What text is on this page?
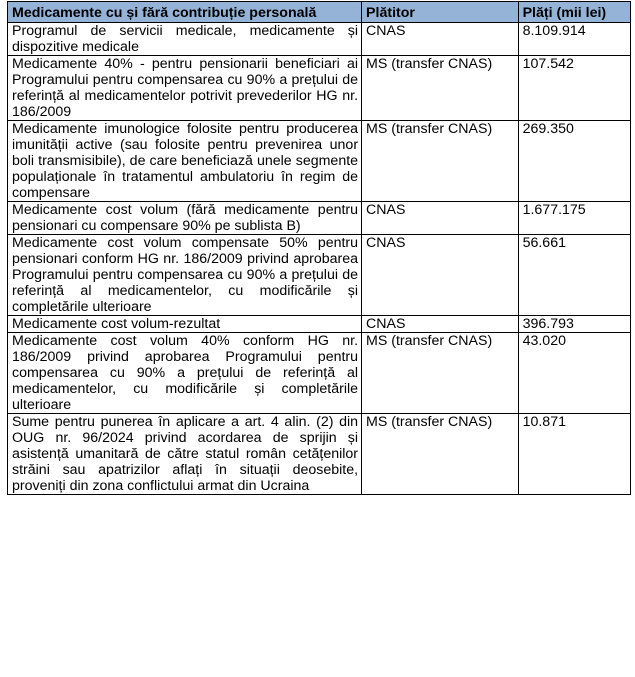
Medicamente cu și fără contribuție personală	Plătitor	Plăți (mii lei)
Programul de servicii medicale, medicamente și dispozitive medicale	CNAS	8.109.914
Medicamente 40% - pentru pensionarii beneficiari ai Programului pentru compensarea cu 90% a prețului de referință al medicamentelor potrivit prevederilor HG nr. 186/2009	MS (transfer CNAS)	107.542
Medicamente imunologice folosite pentru producerea imunității active (sau folosite pentru prevenirea unor boli transmisibile), de care beneficiază unele segmente populaționale în tratamentul ambulatoriu în regim de compensare	MS (transfer CNAS)	269.350
Medicamente cost volum (fără medicamente pentru pensionari cu compensare 90% pe sublista B)	CNAS	1.677.175
Medicamente cost volum compensate 50% pentru pensionari conform HG nr. 186/2009 privind aprobarea Programului pentru compensarea cu 90% a prețului de referință al medicamentelor, cu modificările și completările ulterioare	CNAS	56.661
Medicamente cost volum-rezultat	CNAS	396.793
Medicamente cost volum 40% conform HG nr. 186/2009 privind aprobarea Programului pentru compensarea cu 90% a prețului de referință al medicamentelor, cu modificările și completările ulterioare	MS (transfer CNAS)	43.020
Sume pentru punerea în aplicare a art. 4 alin. (2) din OUG nr. 96/2024 privind acordarea de sprijin și asistență umanitară de către statul român cetățenilor străini sau apatrizilor aflați în situații deosebite, proveniți din zona conflictului armat din Ucraina	MS (transfer CNAS)	10.871
